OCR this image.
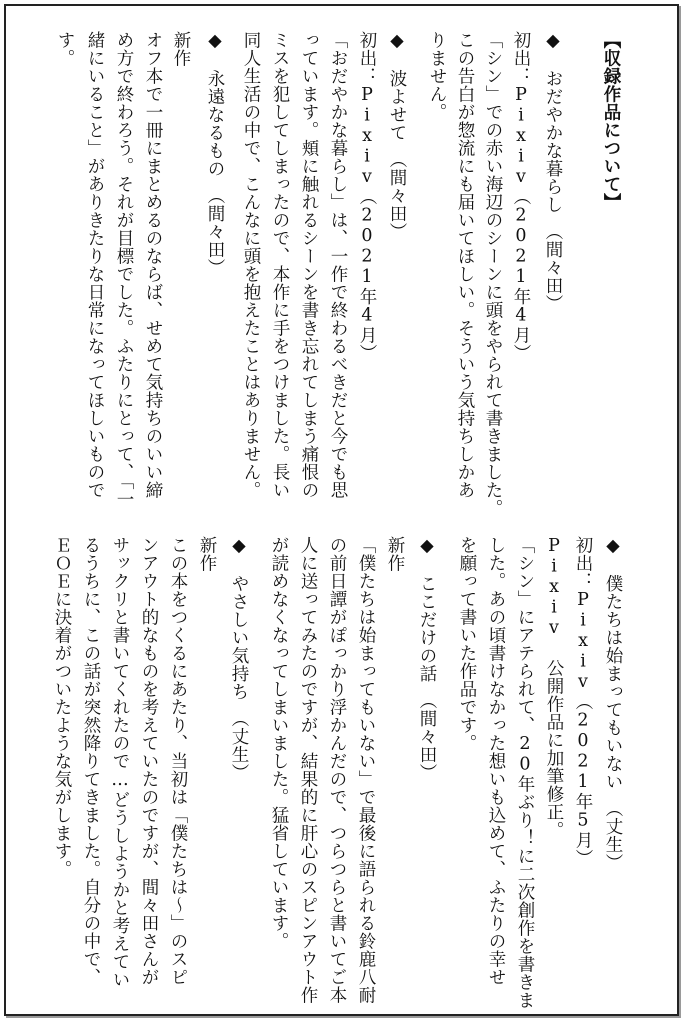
【収録作品について】
◆　おだやかな暮らし　（間々田）
初出：Pixiv（2021年4月）
「シン」での赤い海辺のシーンに頭をやられて書きました。
この告白が惣流にも届いてほしい。そういう気持ちしかあ
りません。
◆　波よせて　（間々田）
初出：Pixiv（2021年4月）
「おだやかな暮らし」は、一作で終わるべきだと今でも思
っています。頬に触れるシーンを書き忘れてしまう痛恨の
ミスを犯してしまったので、本作に手をつけました。長い
同人生活の中で、こんなに頭を抱えたことはありません。
◆　永遠なるもの　（間々田）
新作
オフ本で一冊にまとめるのならば、せめて気持ちのいい締
め方で終わろう。それが目標でした。ふたりにとって、「一
緒にいること」がありきたりな日常になってほしいもので
す。
◆　僕たちは始まってもいない　（丈生）
初出：Pixiv（2021年5月）
Pixiv 公開作品に加筆修正。
「シン」にアテられて、20年ぶり！に二次創作を書きま
した。あの頃書けなかった想いも込めて、ふたりの幸せ
を願って書いた作品です。
◆　ここだけの話　（間々田）
新作
「僕たちは始まってもいない」で最後に語られる鈴鹿八耐
の前日譚がぽっかり浮かんだので、つらつらと書いてご本
人に送ってみたのですが、結果的に肝心のスピンアウト作
が読めなくなってしまいました。猛省しています。
◆　やさしい気持ち　（丈生）
新作
この本をつくるにあたり、当初は「僕たちは〜」のスピ
ンアウト的なものを考えていたのですが、間々田さんが
サックリと書いてくれたので…どうしようかと考えてい
るうちに、この話が突然降りてきました。自分の中で、
ＥＯＥに決着がついたような気がします。
